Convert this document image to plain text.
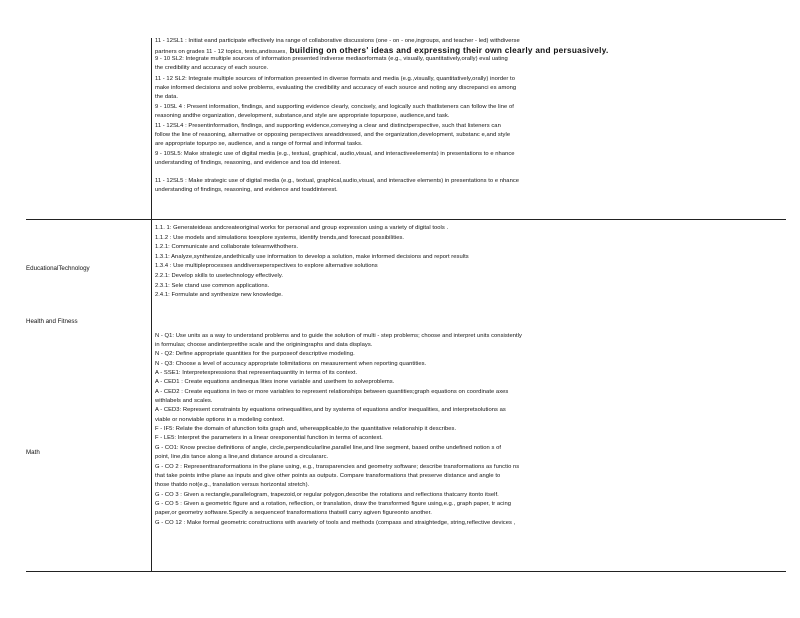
11 - 12SL1 : Initiat eand participate effectively ina range of collaborative discussions (one - on - one,ingroups, and teacher - led) withdiverse
partners on grades 11 - 12 topics, texts,andissues, building on others' ideas and expressing their own clearly and persuasively.
9 - 10 SL2: Integrate multiple sources of information presented indiverse mediaorformats (e.g., visually, quantitatively,orally) eval uating
the credibility and accuracy of each source.
11 - 12 SL2: Integrate multiple sources of information presented in diverse formats and media (e.g.,visually, quantitatively,orally) inorder to
make informed decisions and solve problems, evaluating the credibility and accuracy of each source and noting any discrepanci es among
the data.
9 - 10SL 4 : Present information, findings, and supporting evidence clearly, concisely, and logically such thatlisteners can follow the line of
reasoning andthe organization, development, substance,and style are appropriate topurpose, audience,and task.
11 - 12SL4 : Presentinformation, findings, and supporting evidence,conveying a clear and distinctperspective, such that listeners can
follow the line of reasoning, alternative or opposing perspectives areaddressed, and the organization,development, substanc e,and style
are appropriate topurpo se, audience, and a range of formal and informal tasks.
9 - 10SL5: Make strategic use of digital media (e.g., textual, graphical, audio,visual, and interactiveelements) in presentations to e nhance
understanding of findings, reasoning, and evidence and toa dd interest.
11 - 12SL5 : Make strategic use of digital media (e.g., textual, graphical,audio,visual, and interactive elements) in presentations to e nhance
understanding of findings, reasoning, and evidence and toaddinterest.
EducationalTechnology
1.1. 1: Generateideas andcreateoriginal works for personal and group expression using a variety of digital tools .
1.1.2 : Use models and simulations toexplore systems, identify trends,and forecast possibilities.
1.2.1: Communicate and collaborate tolearnwithothers.
1.3.1: Analyze,synthesize,andethically use information to develop a solution, make informed decisions and report results
1.3.4 : Use multipleprocesses anddiverseperspectives to explore alternative solutions
2.2.1: Develop skills to usetechnology effectively.
2.3.1: Sele ctand use common applications.
2.4.1: Formulate and synthesize new knowledge.
Health and Fitness
Math
N - Q1: Use units as a way to understand problems and to guide the solution of multi - step problems; choose and interpret units consistently
in formulas; choose andinterpretthe scale and the originingraphs and data displays.
N - Q2: Define appropriate quantities for the purposeof descriptive modeling.
N - Q3: Choose a level of accuracy appropriate tolimitations on measurement when reporting quantities.
A - SSE1: Interpretexpressions that representaquantity in terms of its context.
A - CED1 : Create equations andinequa lities inone variable and usethem to solveproblems.
A - CED2 : Create equations in two or more variables to represent relationships between quantities;graph equations on coordinate axes
withlabels and scales.
A - CED3: Represent constraints by equations orinequalities,and by systems of equations and/or inequalities, and interpretsolutions as
viable or nonviable options in a modeling context.
F - IF5: Relate the domain of afunction toits graph and, whereapplicable,to the quantitative relationship it describes.
F - LE5: Interpret the parameters in a linear orexponential function in terms of acontext.
G - CO1: Know precise definitions of angle, circle,perpendicularline,parallel line,and line segment, based onthe undefined notion s of
point, line,dis tance along a line,and distance around a circulararc.
G - CO 2 : Representtransformations in the plane using, e.g., transparencies and geometry software; describe transformations as functio ns
that take points inthe plane as inputs and give other points as outputs. Compare transformations that preserve distance and angle to
those thatdo not(e.g., translation versus horizontal stretch).
G - CO 3 : Given a rectangle,parallelogram, trapezoid,or regular polygon,describe the rotations and reflections thatcarry itonto itself.
G - CO 5 : Given a geometric figure and a rotation, reflection, or translation, draw the transformed figure using,e.g., graph paper, tr acing
paper,or geometry software.Specify a sequenceof transformations thatwill carry agiven figureonto another.
G - CO 12 : Make formal geometric constructions with avariety of tools and methods (compass and straightedge, string,reflective devices ,
